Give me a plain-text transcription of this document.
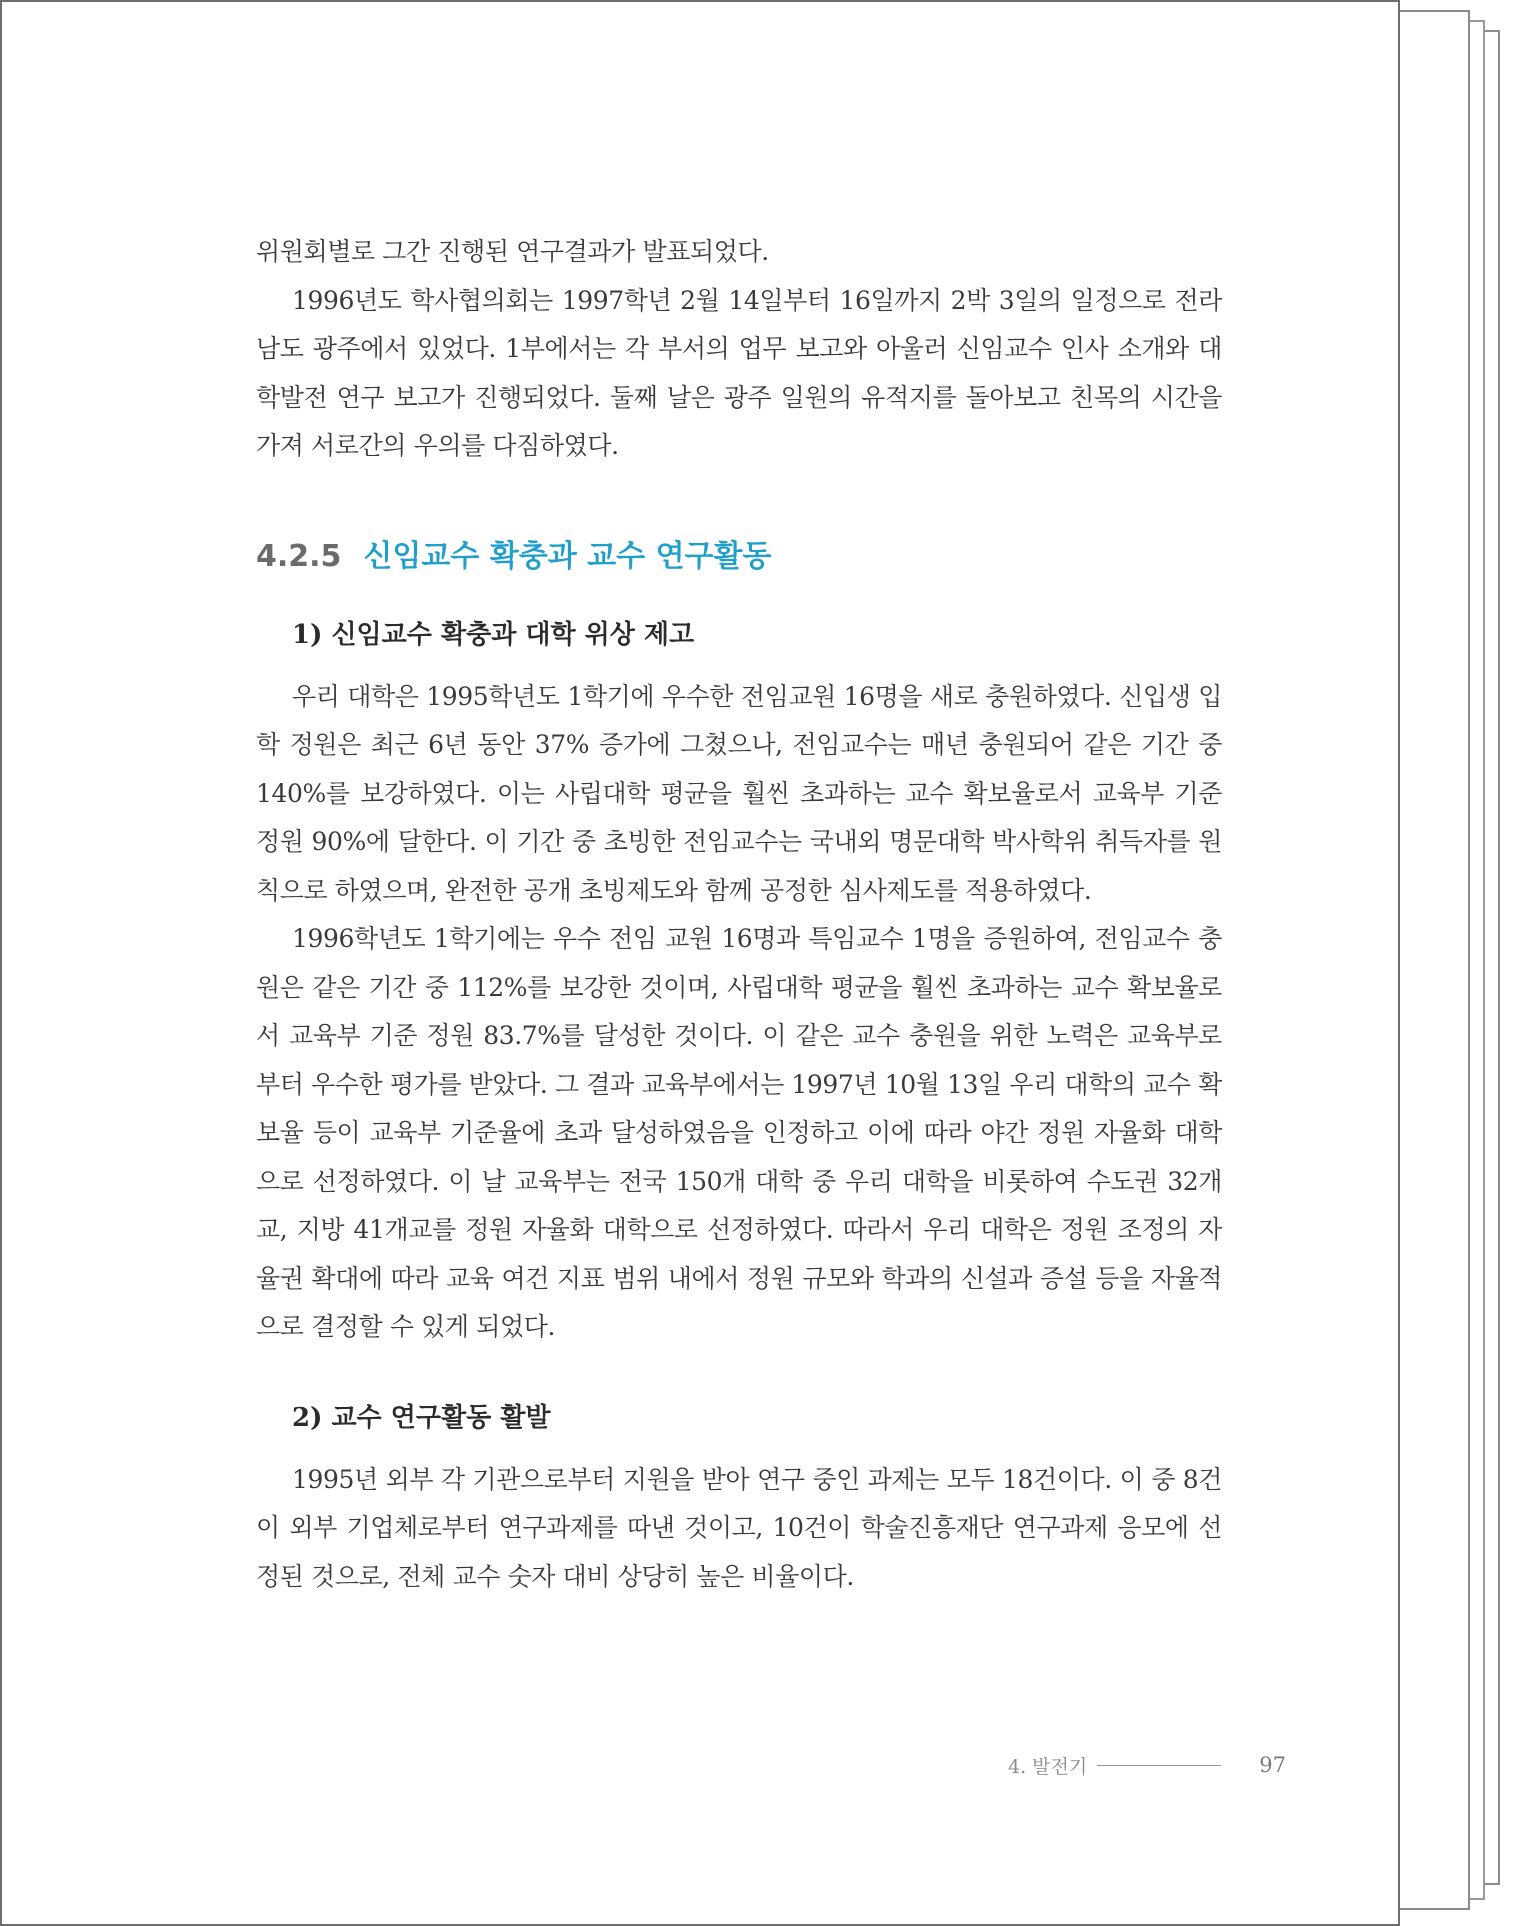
위원회별로 그간 진행된 연구결과가 발표되었다.

1996년도 학사협의회는 1997학년 2월 14일부터 16일까지 2박 3일의 일정으로 전라남도 광주에서 있었다. 1부에서는 각 부서의 업무 보고와 아울러 신임교수 인사 소개와 대학발전 연구 보고가 진행되었다. 둘째 날은 광주 일원의 유적지를 돌아보고 친목의 시간을 가져 서로간의 우의를 다짐하였다.

4.2.5 신임교수 확충과 교수 연구활동
1) 신임교수 확충과 대학 위상 제고

우리 대학은 1995학년도 1학기에 우수한 전임교원 16명을 새로 충원하였다. 신입생 입학 정원은 최근 6년 동안 37% 증가에 그쳤으나, 전임교수는 매년 충원되어 같은 기간 중 140%를 보강하였다. 이는 사립대학 평균을 훨씬 초과하는 교수 확보율로서 교육부 기준 정원 90%에 달한다. 이 기간 중 초빙한 전임교수는 국내외 명문대학 박사학위 취득자를 원칙으로 하였으며, 완전한 공개 초빙제도와 함께 공정한 심사제도를 적용하였다.

1996학년도 1학기에는 우수 전임 교원 16명과 특임교수 1명을 증원하여, 전임교수 충원은 같은 기간 중 112%를 보강한 것이며, 사립대학 평균을 훨씬 초과하는 교수 확보율로서 교육부 기준 정원 83.7%를 달성한 것이다. 이 같은 교수 충원을 위한 노력은 교육부로부터 우수한 평가를 받았다. 그 결과 교육부에서는 1997년 10월 13일 우리 대학의 교수 확보율 등이 교육부 기준율에 초과 달성하였음을 인정하고 이에 따라 야간 정원 자율화 대학으로 선정하였다. 이 날 교육부는 전국 150개 대학 중 우리 대학을 비롯하여 수도권 32개교, 지방 41개교를 정원 자율화 대학으로 선정하였다. 따라서 우리 대학은 정원 조정의 자율권 확대에 따라 교육 여건 지표 범위 내에서 정원 규모와 학과의 신설과 증설 등을 자율적으로 결정할 수 있게 되었다.

2) 교수 연구활동 활발

1995년 외부 각 기관으로부터 지원을 받아 연구 중인 과제는 모두 18건이다. 이 중 8건이 외부 기업체로부터 연구과제를 따낸 것이고, 10건이 학술진흥재단 연구과제 응모에 선정된 것으로, 전체 교수 숫자 대비 상당히 높은 비율이다.

4. 발전기	97
